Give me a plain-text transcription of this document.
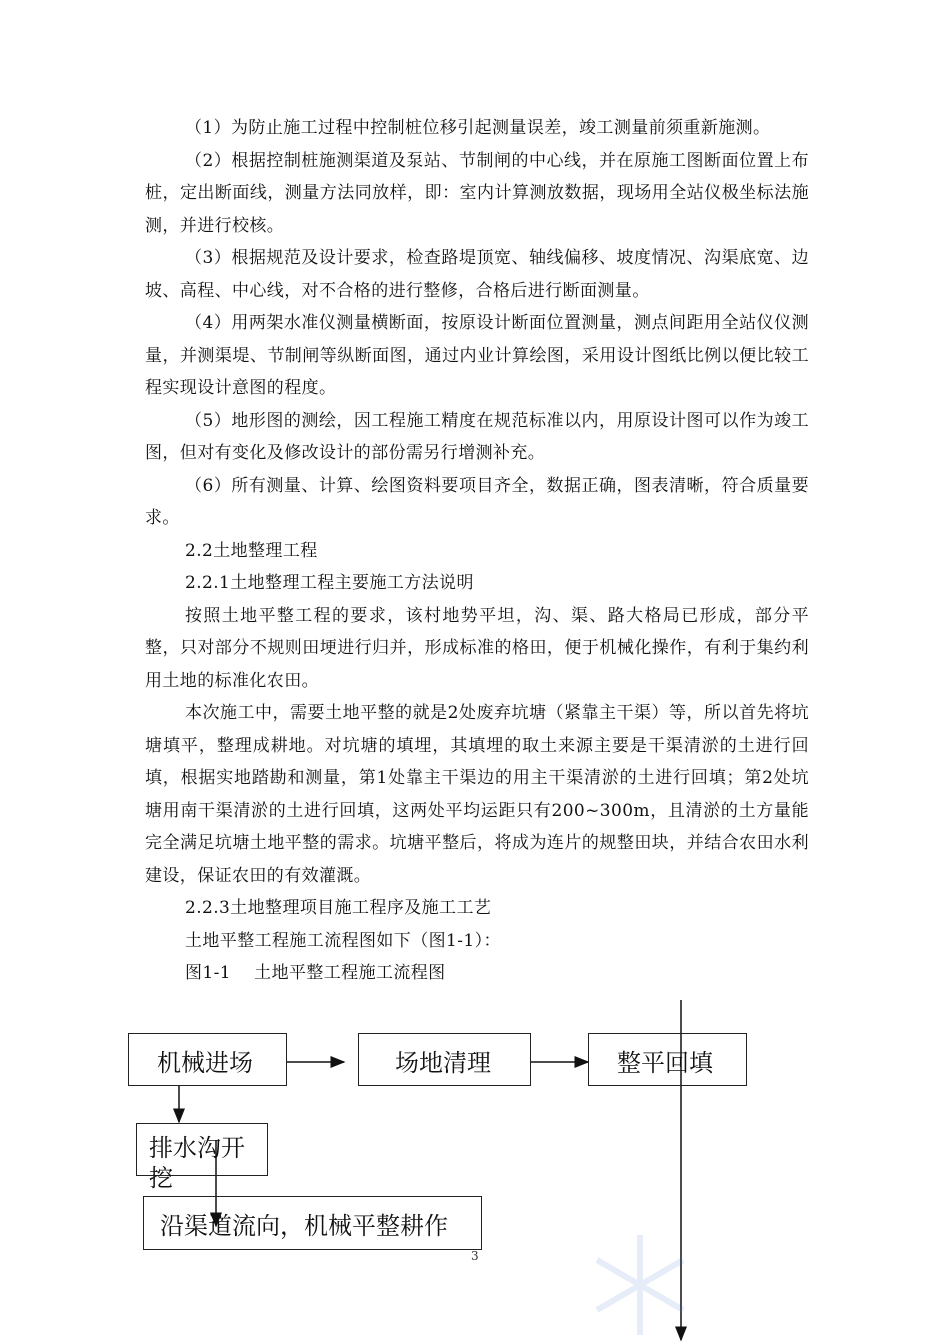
（1）为防止施工过程中控制桩位移引起测量误差，竣工测量前须重新施测。

（2）根据控制桩施测渠道及泵站、节制闸的中心线，并在原施工图断面位置上布桩，定出断面线，测量方法同放样，即：室内计算测放数据，现场用全站仪极坐标法施测，并进行校核。

（3）根据规范及设计要求，检查路堤顶宽、轴线偏移、坡度情况、沟渠底宽、边坡、高程、中心线，对不合格的进行整修，合格后进行断面测量。

（4）用两架水准仪测量横断面，按原设计断面位置测量，测点间距用全站仪仪测量，并测渠堤、节制闸等纵断面图，通过内业计算绘图，采用设计图纸比例以便比较工程实现设计意图的程度。

（5）地形图的测绘，因工程施工精度在规范标准以内，用原设计图可以作为竣工图，但对有变化及修改设计的部份需另行增测补充。

（6）所有测量、计算、绘图资料要项目齐全，数据正确，图表清晰，符合质量要求。

2.2土地整理工程

2.2.1土地整理工程主要施工方法说明

按照土地平整工程的要求，该村地势平坦，沟、渠、路大格局已形成，部分平整，只对部分不规则田埂进行归并，形成标准的格田，便于机械化操作，有利于集约利用土地的标准化农田。

本次施工中，需要土地平整的就是2处废弃坑塘（紧靠主干渠）等，所以首先将坑塘填平，整理成耕地。对坑塘的填埋，其填埋的取土来源主要是干渠清淤的土进行回填，根据实地踏勘和测量，第1处靠主干渠边的用主干渠清淤的土进行回填；第2处坑塘用南干渠清淤的土进行回填，这两处平均运距只有200~300m，且清淤的土方量能完全满足坑塘土地平整的需求。坑塘平整后，将成为连片的规整田块，并结合农田水利建设，保证农田的有效灌溉。

2.2.3土地整理项目施工程序及施工工艺

土地平整工程施工流程图如下（图1-1）：

图1-1　 土地平整工程施工流程图

机械进场	场地清理	整平回填
排水沟开挖
沿渠道流向，机械平整耕作
3
